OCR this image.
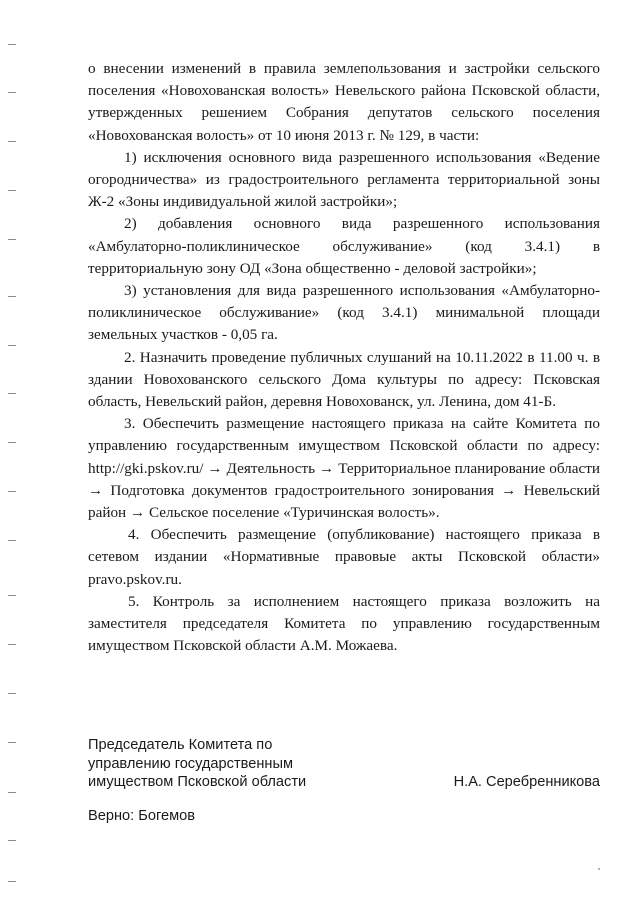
о внесении изменений в правила землепользования и застройки сельского поселения «Новохованская волость» Невельского района Псковской области, утвержденных решением Собрания депутатов сельского поселения «Новохованская волость» от 10 июня 2013 г. № 129, в части:

1) исключения основного вида разрешенного использования «Ведение огородничества» из градостроительного регламента территориальной зоны Ж-2 «Зоны индивидуальной жилой застройки»;

2) добавления основного вида разрешенного использования «Амбулаторно-поликлиническое обслуживание» (код 3.4.1) в территориальную зону ОД «Зона общественно - деловой застройки»;

3) установления для вида разрешенного использования «Амбулаторно-поликлиническое обслуживание» (код 3.4.1) минимальной площади земельных участков - 0,05 га.

2. Назначить проведение публичных слушаний на 10.11.2022 в 11.00 ч. в здании Новохованского сельского Дома культуры по адресу: Псковская область, Невельский район, деревня Новохованск, ул. Ленина, дом 41-Б.

3. Обеспечить размещение настоящего приказа на сайте Комитета по управлению государственным имуществом Псковской области по адресу: http://gki.pskov.ru/ → Деятельность → Территориальное планирование области → Подготовка документов градостроительного зонирования → Невельский район → Сельское поселение «Туричинская волость».

4. Обеспечить размещение (опубликование) настоящего приказа в сетевом издании «Нормативные правовые акты Псковской области» pravo.pskov.ru.

5. Контроль за исполнением настоящего приказа возложить на заместителя председателя Комитета по управлению государственным имуществом Псковской области А.М. Можаева.

Председатель Комитета по
управлению государственным
имуществом Псковской области	Н.А. Серебренникова
Верно: Богемов
